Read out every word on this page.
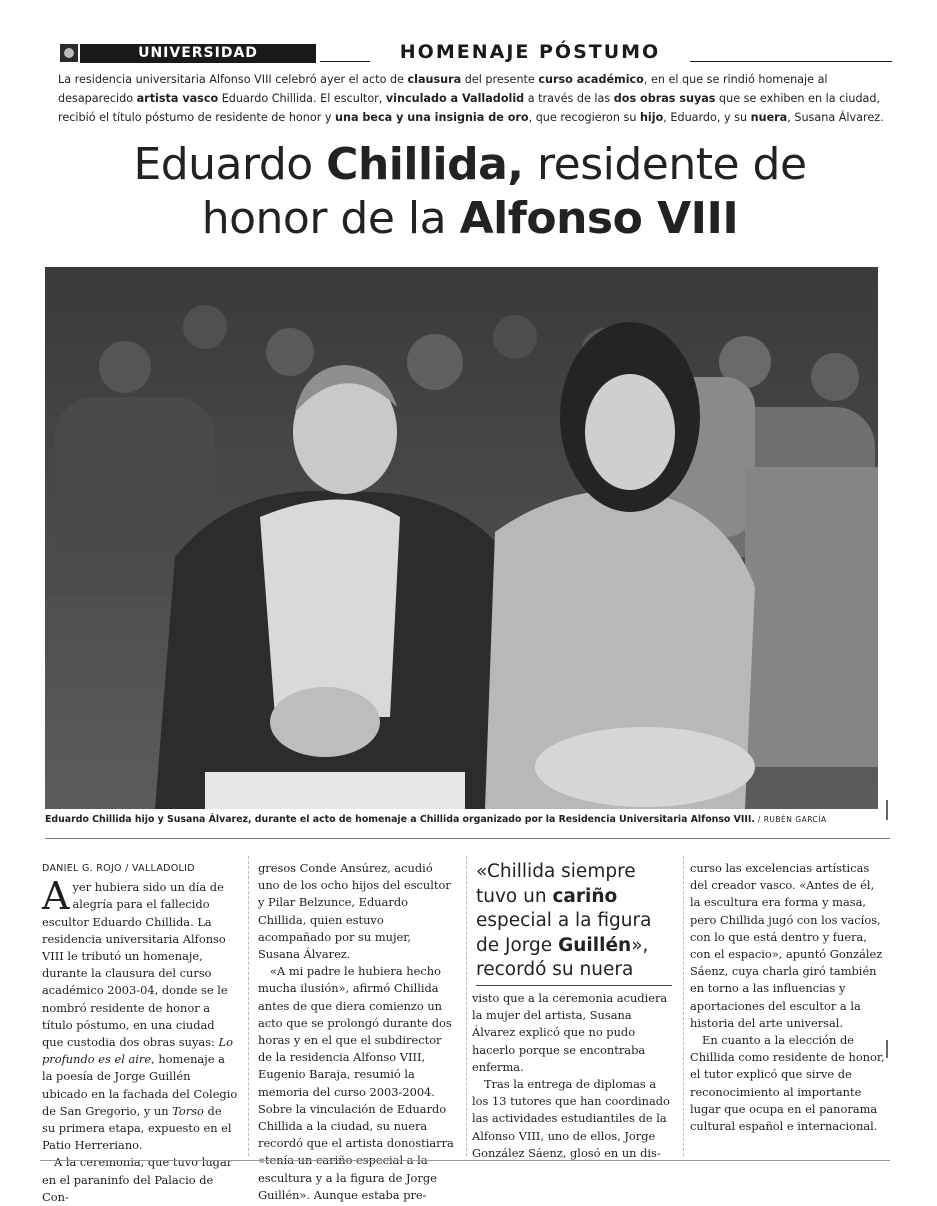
UNIVERSIDAD	HOMENAJE PÓSTUMO
La residencia universitaria Alfonso VIII celebró ayer el acto de clausura del presente curso académico, en el que se rindió homenaje al desaparecido artista vasco Eduardo Chillida. El escultor, vinculado a Valladolid a través de las dos obras suyas que se exhiben en la ciudad, recibió el título póstumo de residente de honor y una beca y una insignia de oro, que recogieron su hijo, Eduardo, y su nuera, Susana Álvarez.
Eduardo Chillida, residente de
honor de la Alfonso VIII
Eduardo Chillida hijo y Susana Álvarez, durante el acto de homenaje a Chillida organizado por la Residencia Universitaria Alfonso VIII. / RUBÉN GARCÍA
DANIEL G. ROJO / VALLADOLID

Ayer hubiera sido un día de alegría para el fallecido escultor Eduardo Chillida. La residencia universitaria Alfonso VIII le tributó un homenaje, durante la clausura del curso académico 2003-04, donde se le nombró residente de honor a título póstumo, en una ciudad que custodia dos obras suyas: Lo profundo es el aire, homenaje a la poesía de Jorge Guillén ubicado en la fachada del Colegio de San Gregorio, y un Torso de su primera etapa, expuesto en el Patio Herreriano.

A la ceremonia, que tuvo lugar en el paraninfo del Palacio de Con-

gresos Conde Ansúrez, acudió uno de los ocho hijos del escultor y Pilar Belzunce, Eduardo Chillida, quien estuvo acompañado por su mujer, Susana Álvarez.

«A mi padre le hubiera hecho mucha ilusión», afirmó Chillida antes de que diera comienzo un acto que se prolongó durante dos horas y en el que el subdirector de la residencia Alfonso VIII, Eugenio Baraja, resumió la memoria del curso 2003-2004. Sobre la vinculación de Eduardo Chillida a la ciudad, su nuera recordó que el artista donostiarra «tenía un cariño especial a la escultura y a la figura de Jorge Guillén». Aunque estaba pre-

«Chillida siempre tuvo un cariño especial a la figura de Jorge Guillén», recordó su nuera

visto que a la ceremonia acudiera la mujer del artista, Susana Álvarez explicó que no pudo hacerlo porque se encontraba enferma.

Tras la entrega de diplomas a los 13 tutores que han coordinado las actividades estudiantiles de la Alfonso VIII, uno de ellos, Jorge González Sáenz, glosó en un dis-

curso las excelencias artísticas del creador vasco. «Antes de él, la escultura era forma y masa, pero Chillida jugó con los vacíos, con lo que está dentro y fuera, con el espacio», apuntó González Sáenz, cuya charla giró también en torno a las influencias y aportaciones del escultor a la historia del arte universal.

En cuanto a la elección de Chillida como residente de honor, el tutor explicó que sirve de reconocimiento al importante lugar que ocupa en el panorama cultural español e internacional.
